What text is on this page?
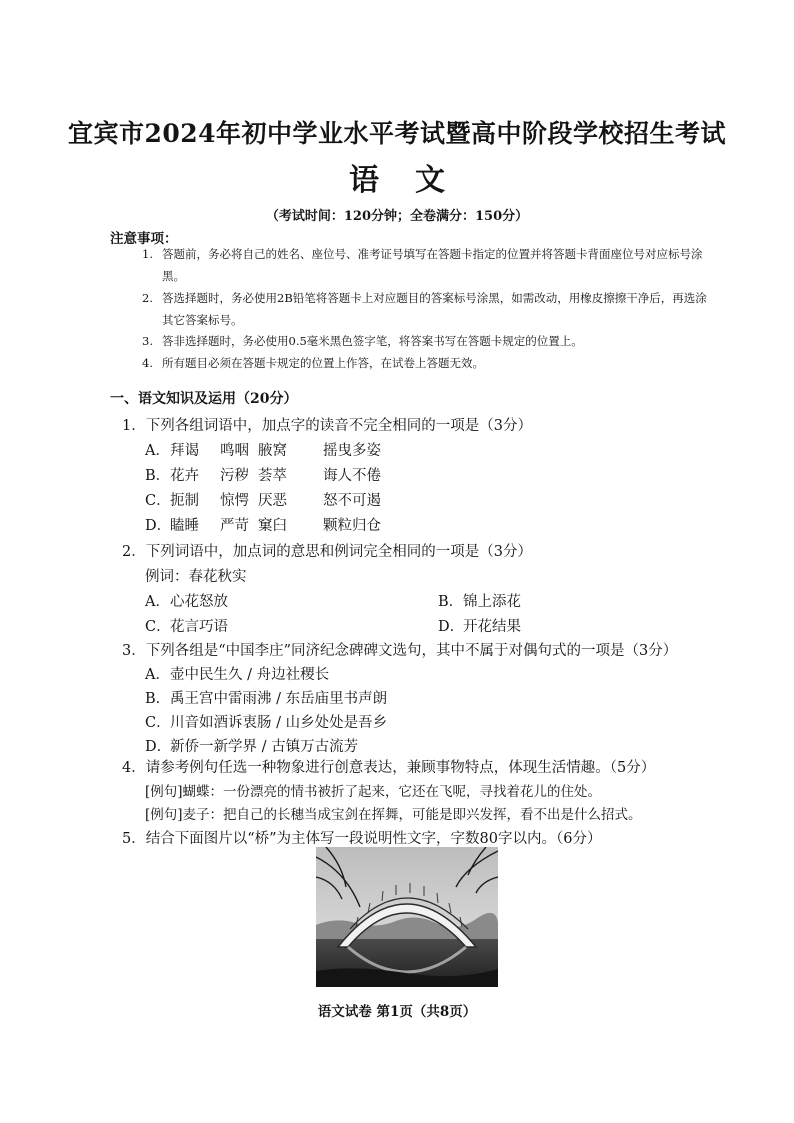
宜宾市2024年初中学业水平考试暨高中阶段学校招生考试
语 文
（考试时间：120分钟；全卷满分：150分）
注意事项：
1. 答题前，务必将自己的姓名、座位号、准考证号填写在答题卡指定的位置并将答题卡背面座位号对应标号涂黑。
2. 答选择题时，务必使用2B铅笔将答题卡上对应题目的答案标号涂黑，如需改动，用橡皮擦擦干净后，再选涂其它答案标号。
3. 答非选择题时，务必使用0.5毫米黑色签字笔，将答案书写在答题卡规定的位置上。
4. 所有题目必须在答题卡规定的位置上作答，在试卷上答题无效。
一、语文知识及运用（20分）
1．下列各组词语中，加点字的读音不完全相同的一项是（3分）
A． 拜谒 鸣咽 腋窝 摇曳多姿
B． 花卉 污秽 荟萃 诲人不倦
C． 扼制 惊愕 厌恶 怒不可遏
D．
瞌睡 严苛 窠臼 颗粒归仓
2．下列词语中，加点词的意思和例词完全相同的一项是（3分）
例词：春花秋实
A． 心花怒放	B． 锦上添花
C． 花言巧语	D．
开花结果
3．下列各组是“中国李庄”同济纪念碑碑文选句，其中不属于对偶句式的一项是（3分）
A． 壶中民生久 / 舟边社稷长
B． 禹王宫中雷雨沸 / 东岳庙里书声朗
C． 川音如酒诉衷肠 / 山乡处处是吾乡
D．
新侨一新学界 / 古镇万古流芳
4．请参考例句任选一种物象进行创意表达，兼顾事物特点，体现生活情趣。（5分）
[例句]蝴蝶：一份漂亮的情书被折了起来，它还在飞呢，寻找着花儿的住处。
[例句]麦子：把自己的长穗当成宝剑在挥舞，可能是即兴发挥，看不出是什么招式。
5．结合下面图片以“桥”为主体写一段说明性文字，字数80字以内。（6分）
语文试卷 第1页（共8页）
